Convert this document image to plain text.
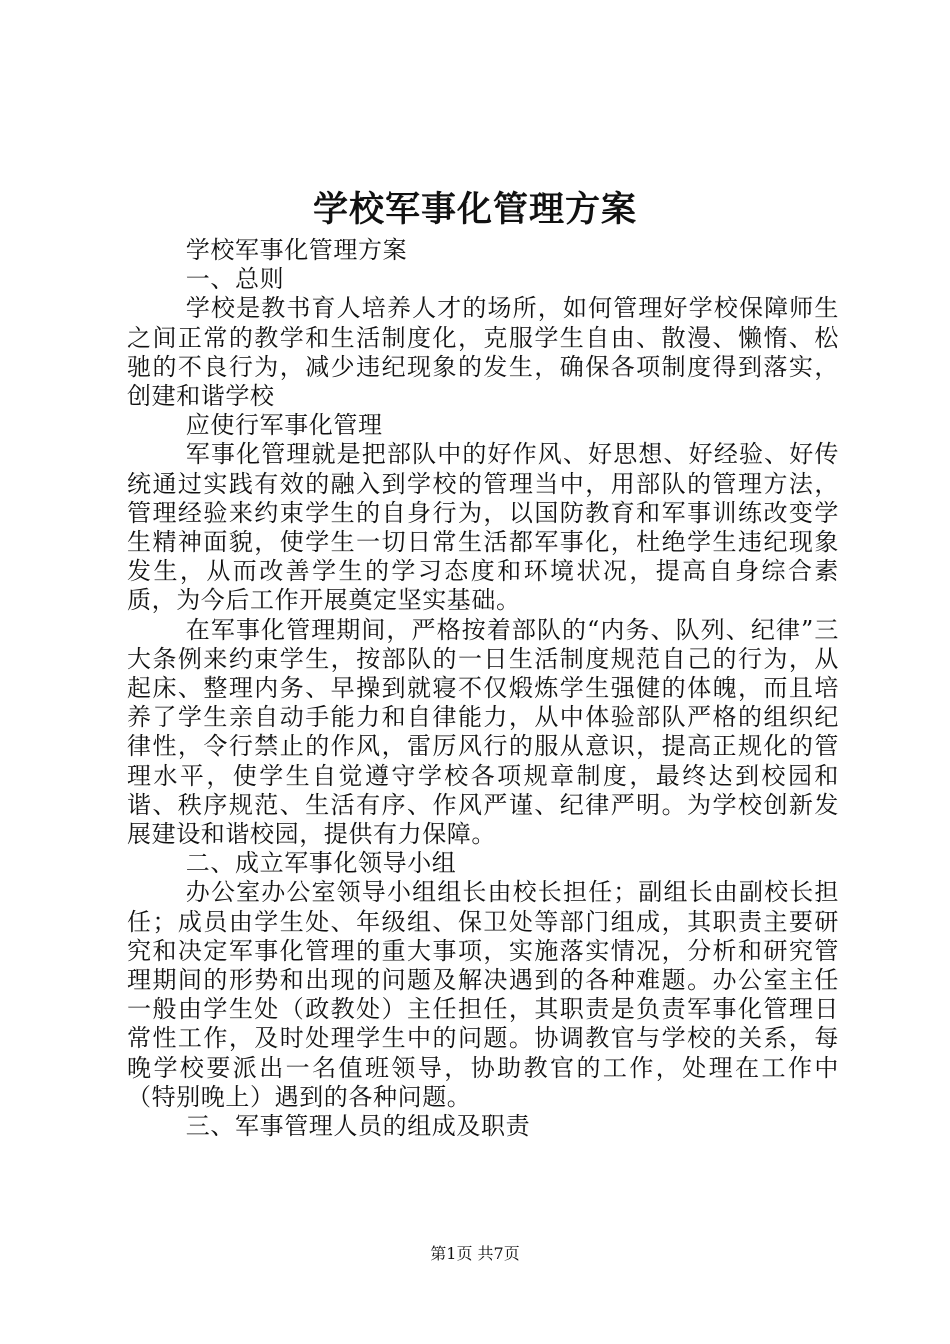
学校军事化管理方案

学校军事化管理方案

一、总则

学校是教书育人培养人才的场所，如何管理好学校保障师生之间正常的教学和生活制度化，克服学生自由、散漫、懒惰、松驰的不良行为，减少违纪现象的发生，确保各项制度得到落实，创建和谐学校

应使行军事化管理

军事化管理就是把部队中的好作风、好思想、好经验、好传统通过实践有效的融入到学校的管理当中，用部队的管理方法，管理经验来约束学生的自身行为，以国防教育和军事训练改变学生精神面貌，使学生一切日常生活都军事化，杜绝学生违纪现象发生，从而改善学生的学习态度和环境状况，提高自身综合素质，为今后工作开展奠定坚实基础。

在军事化管理期间，严格按着部队的“内务、队列、纪律”三大条例来约束学生，按部队的一日生活制度规范自己的行为，从起床、整理内务、早操到就寝不仅煅炼学生强健的体魄，而且培养了学生亲自动手能力和自律能力，从中体验部队严格的组织纪律性，令行禁止的作风，雷厉风行的服从意识，提高正规化的管理水平，使学生自觉遵守学校各项规章制度，最终达到校园和谐、秩序规范、生活有序、作风严谨、纪律严明。为学校创新发展建设和谐校园，提供有力保障。

二、成立军事化领导小组

办公室办公室领导小组组长由校长担任；副组长由副校长担任；成员由学生处、年级组、保卫处等部门组成，其职责主要研究和决定军事化管理的重大事项，实施落实情况，分析和研究管理期间的形势和出现的问题及解决遇到的各种难题。办公室主任一般由学生处（政教处）主任担任，其职责是负责军事化管理日常性工作，及时处理学生中的问题。协调教官与学校的关系，每晚学校要派出一名值班领导，协助教官的工作，处理在工作中（特别晚上）遇到的各种问题。

三、军事管理人员的组成及职责

第1页 共7页
